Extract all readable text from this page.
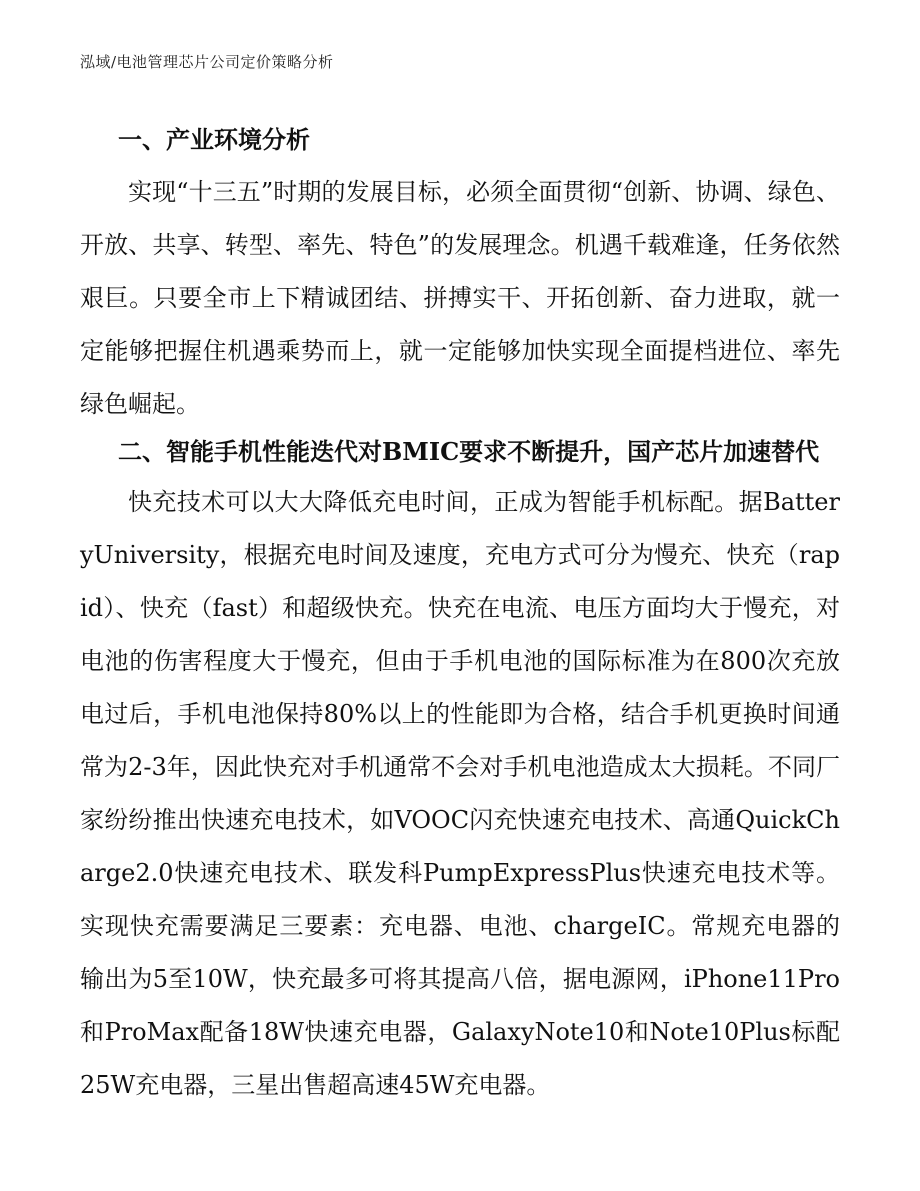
泓域/电池管理芯片公司定价策略分析
一、产业环境分析

实现“十三五”时期的发展目标，必须全面贯彻“创新、协调、绿色、开放、共享、转型、率先、特色”的发展理念。机遇千载难逢，任务依然艰巨。只要全市上下精诚团结、拼搏实干、开拓创新、奋力进取，就一定能够把握住机遇乘势而上，就一定能够加快实现全面提档进位、率先绿色崛起。

二、智能手机性能迭代对BMIC要求不断提升，国产芯片加速替代

快充技术可以大大降低充电时间，正成为智能手机标配。据BatteryUniversity，根据充电时间及速度，充电方式可分为慢充、快充（rapid）、快充（fast）和超级快充。快充在电流、电压方面均大于慢充，对电池的伤害程度大于慢充，但由于手机电池的国际标准为在800次充放电过后，手机电池保持80%以上的性能即为合格，结合手机更换时间通常为2-3年，因此快充对手机通常不会对手机电池造成太大损耗。不同厂家纷纷推出快速充电技术，如VOOC闪充快速充电技术、高通QuickCharge2.0快速充电技术、联发科PumpExpressPlus快速充电技术等。实现快充需要满足三要素：充电器、电池、chargeIC。常规充电器的输出为5至10W，快充最多可将其提高八倍，据电源网，iPhone11Pro和ProMax配备18W快速充电器，GalaxyNote10和Note10Plus标配25W充电器，三星出售超高速45W充电器。
